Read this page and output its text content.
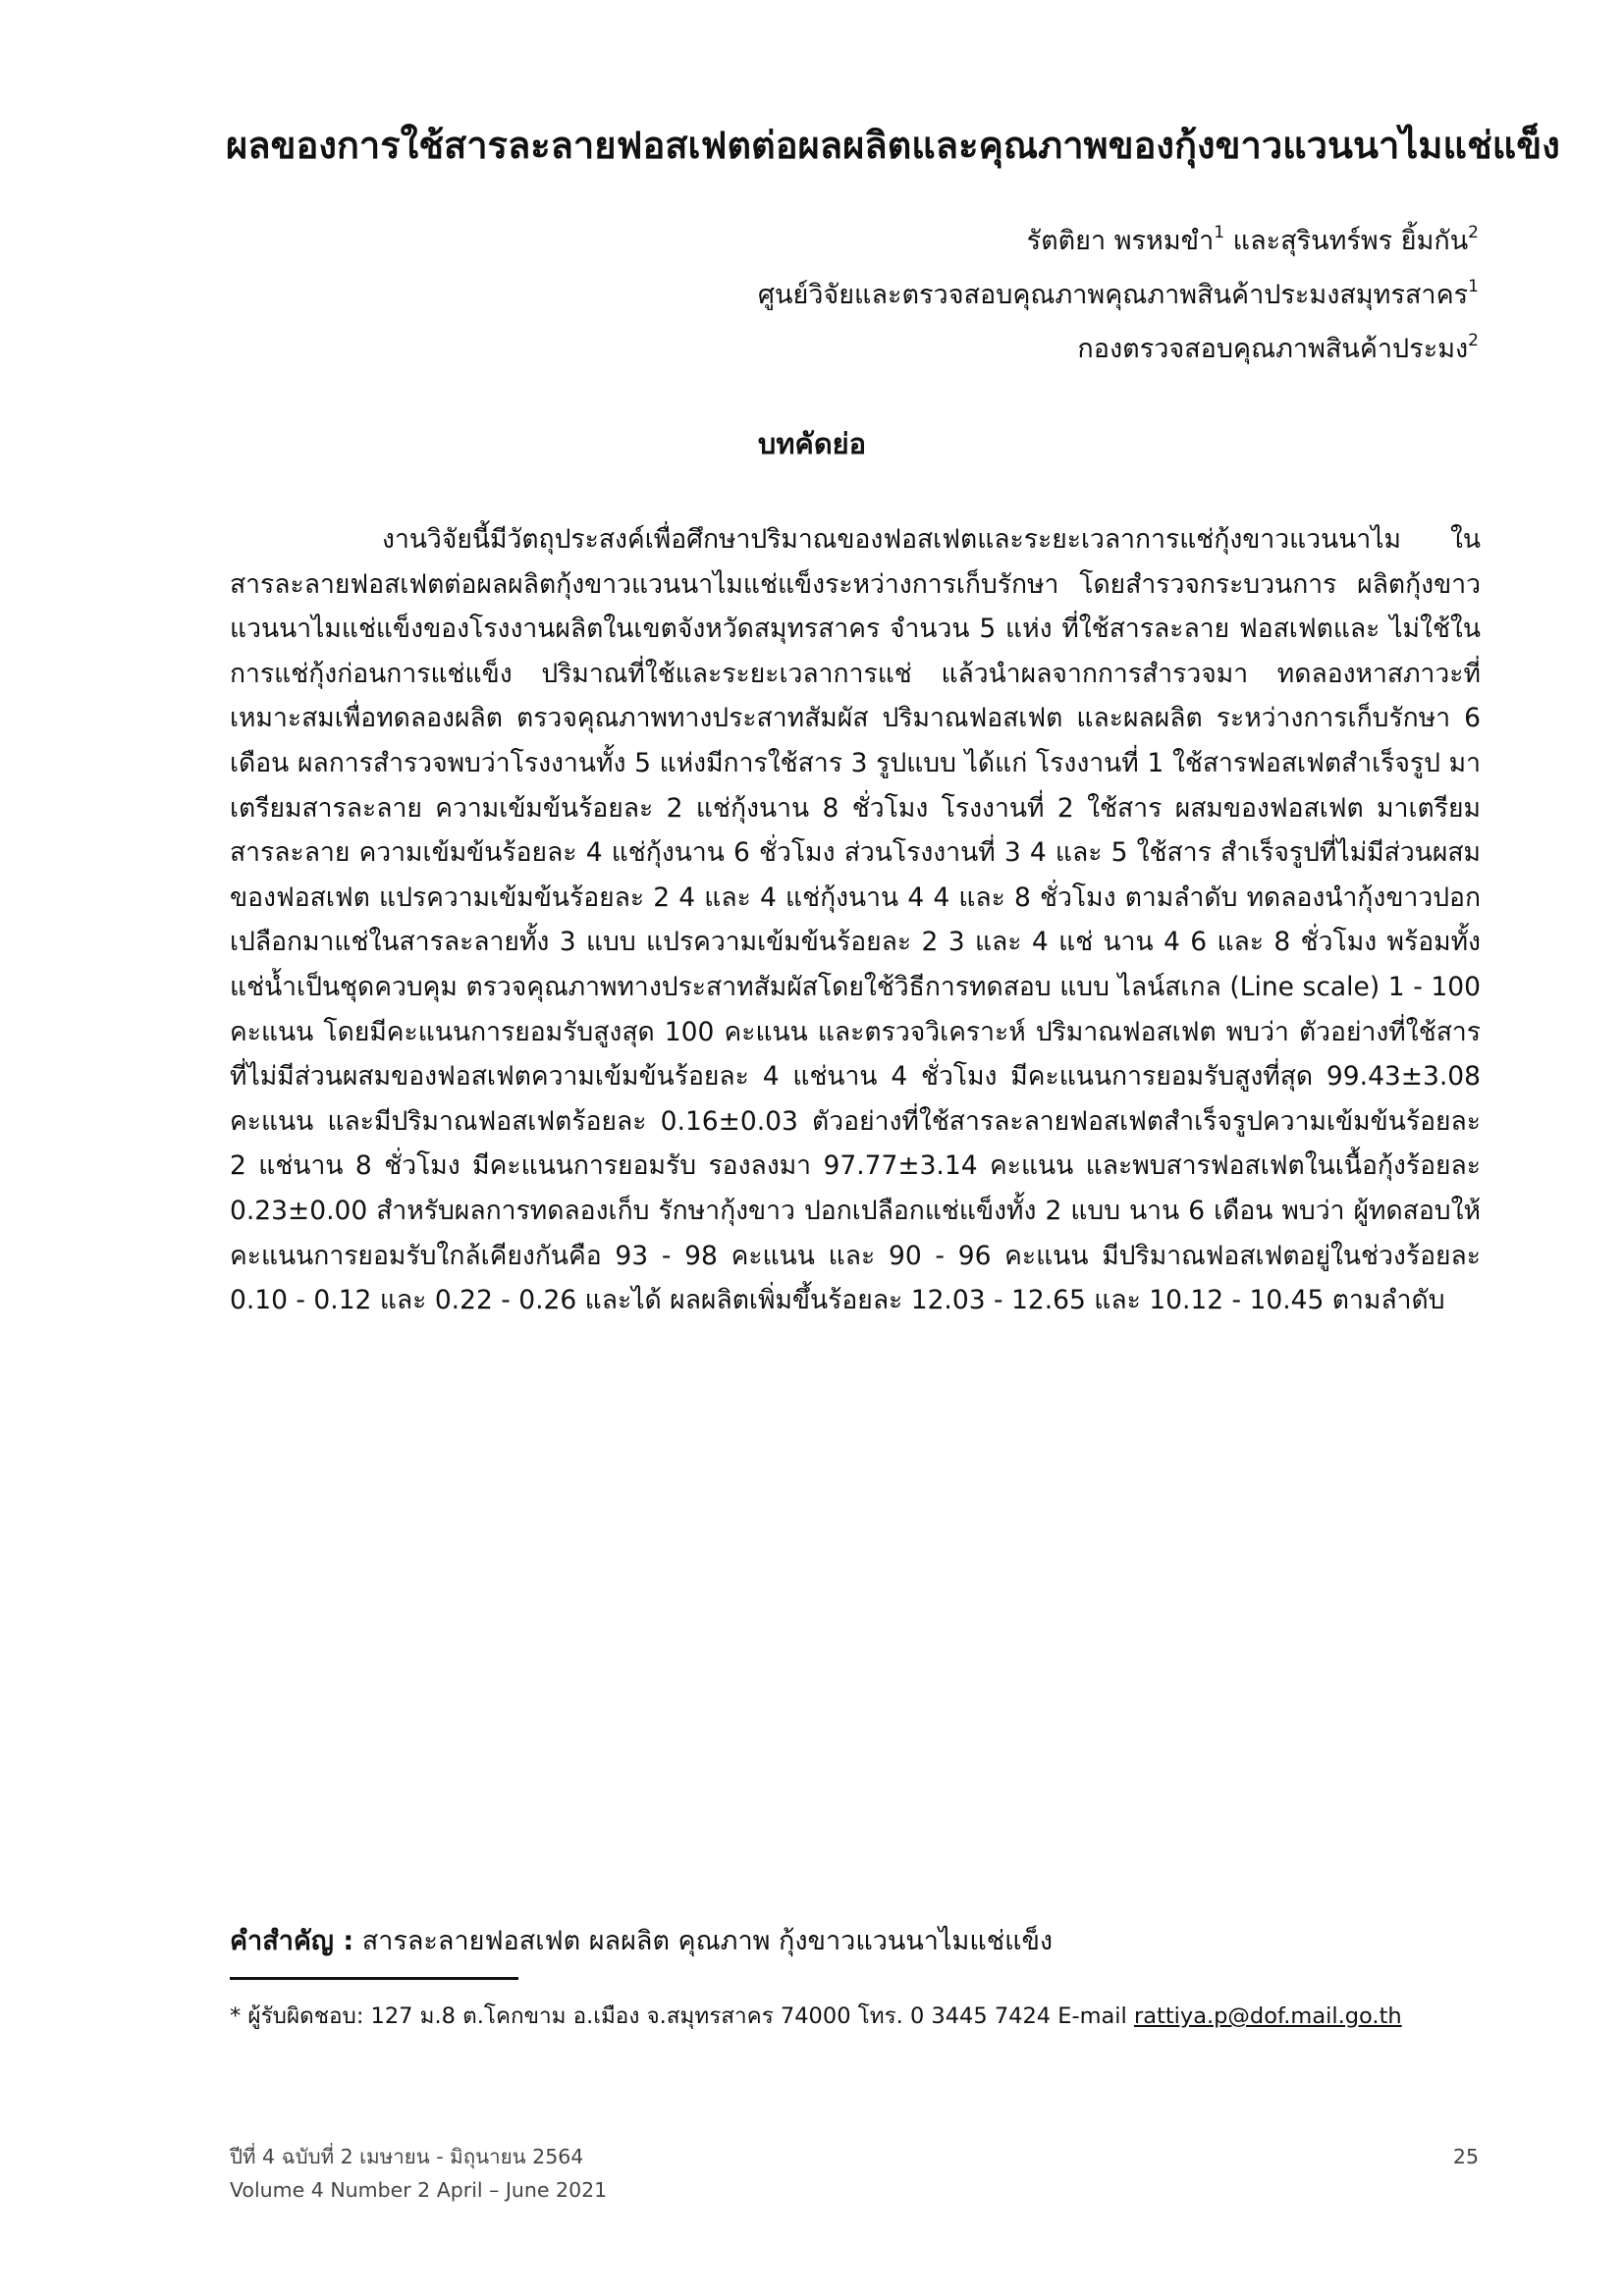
ผลของการใช้สารละลายฟอสเฟตต่อผลผลิตและคุณภาพของกุ้งขาวแวนนาไมแช่แข็ง
รัตติยา พรหมขำ$^1$ และสุรินทร์พร ยิ้มกัน$^2$
ศูนย์วิจัยและตรวจสอบคุณภาพคุณภาพสินค้าประมงสมุทรสาคร$^1$
กองตรวจสอบคุณภาพสินค้าประมง$^2$
บทคัดย่อ

งานวิจัยนี้มีวัตถุประสงค์เพื่อศึกษาปริมาณของฟอสเฟตและระยะเวลาการแช่กุ้งขาวแวนนาไม ในสารละลายฟอสเฟตต่อผลผลิตกุ้งขาวแวนนาไมแช่แข็งระหว่างการเก็บรักษา โดยสำรวจกระบวนการ ผลิตกุ้งขาวแวนนาไมแช่แข็งของโรงงานผลิตในเขตจังหวัดสมุทรสาคร จำนวน 5 แห่ง ที่ใช้สารละลาย ฟอสเฟตและ ไม่ใช้ในการแช่กุ้งก่อนการแช่แข็ง ปริมาณที่ใช้และระยะเวลาการแช่ แล้วนำผลจากการสำรวจมา ทดลองหาสภาวะที่เหมาะสมเพื่อทดลองผลิต ตรวจคุณภาพทางประสาทสัมผัส ปริมาณฟอสเฟต และผลผลิต ระหว่างการเก็บรักษา 6 เดือน ผลการสำรวจพบว่าโรงงานทั้ง 5 แห่งมีการใช้สาร 3 รูปแบบ ได้แก่ โรงงานที่ 1 ใช้สารฟอสเฟตสำเร็จรูป มาเตรียมสารละลาย ความเข้มข้นร้อยละ 2 แช่กุ้งนาน 8 ชั่วโมง โรงงานที่ 2 ใช้สาร ผสมของฟอสเฟต มาเตรียมสารละลาย ความเข้มข้นร้อยละ 4 แช่กุ้งนาน 6 ชั่วโมง ส่วนโรงงานที่ 3 4 และ 5 ใช้สาร สำเร็จรูปที่ไม่มีส่วนผสมของฟอสเฟต แปรความเข้มข้นร้อยละ 2 4 และ 4 แช่กุ้งนาน 4 4 และ 8 ชั่วโมง ตามลำดับ ทดลองนำกุ้งขาวปอกเปลือกมาแช่ในสารละลายทั้ง 3 แบบ แปรความเข้มข้นร้อยละ 2 3 และ 4 แช่ นาน 4 6 และ 8 ชั่วโมง พร้อมทั้งแช่น้ำเป็นชุดควบคุม ตรวจคุณภาพทางประสาทสัมผัสโดยใช้วิธีการทดสอบ แบบ ไลน์สเกล (Line scale) 1 - 100 คะแนน โดยมีคะแนนการยอมรับสูงสุด 100 คะแนน และตรวจวิเคราะห์ ปริมาณฟอสเฟต พบว่า ตัวอย่างที่ใช้สารที่ไม่มีส่วนผสมของฟอสเฟตความเข้มข้นร้อยละ 4 แช่นาน 4 ชั่วโมง มีคะแนนการยอมรับสูงที่สุด 99.43±3.08 คะแนน และมีปริมาณฟอสเฟตร้อยละ 0.16±0.03 ตัวอย่างที่ใช้สารละลายฟอสเฟตสำเร็จรูปความเข้มข้นร้อยละ 2 แช่นาน 8 ชั่วโมง มีคะแนนการยอมรับ รองลงมา 97.77±3.14 คะแนน และพบสารฟอสเฟตในเนื้อกุ้งร้อยละ 0.23±0.00 สำหรับผลการทดลองเก็บ รักษากุ้งขาว ปอกเปลือกแช่แข็งทั้ง 2 แบบ นาน 6 เดือน พบว่า ผู้ทดสอบให้คะแนนการยอมรับใกล้เคียงกันคือ 93 - 98 คะแนน และ 90 - 96 คะแนน มีปริมาณฟอสเฟตอยู่ในช่วงร้อยละ 0.10 - 0.12 และ 0.22 - 0.26 และได้ ผลผลิตเพิ่มขึ้นร้อยละ 12.03 - 12.65 และ 10.12 - 10.45 ตามลำดับ

คำสำคัญ : สารละลายฟอสเฟต ผลผลิต คุณภาพ กุ้งขาวแวนนาไมแช่แข็ง
* ผู้รับผิดชอบ: 127 ม.8 ต.โคกขาม อ.เมือง จ.สมุทรสาคร 74000 โทร. 0 3445 7424 E-mail rattiya.p@dof.mail.go.th
ปีที่ 4 ฉบับที่ 2 เมษายน - มิถุนายน 2564
Volume 4 Number 2 April – June 2021
25
